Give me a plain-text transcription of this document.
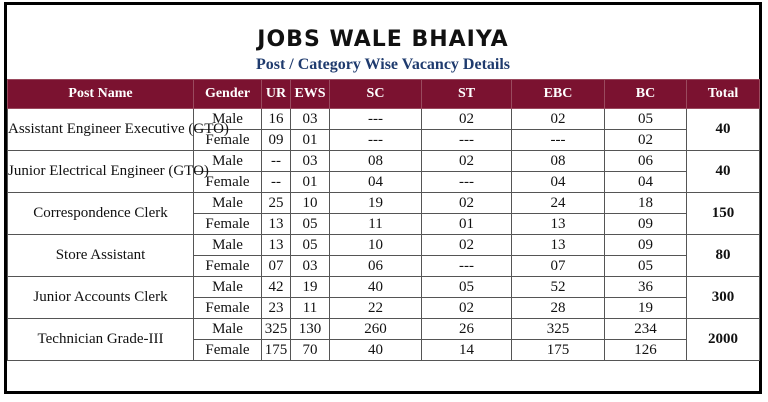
JOBS WALE BHAIYA
Post / Category Wise Vacancy Details
Post Name	Gender	UR	EWS	SC	ST	EBC	BC	Total
Assistant Engineer Executive (GTO)	Male	16	03	---	02	02	05	40
	Female	09	01	---	---	---	02	
Junior Electrical Engineer (GTO)	Male	--	03	08	02	08	06	40
	Female	--	01	04	---	04	04	
Correspondence Clerk	Male	25	10	19	02	24	18	150
	Female	13	05	11	01	13	09	
Store Assistant	Male	13	05	10	02	13	09	80
	Female	07	03	06	---	07	05	
Junior Accounts Clerk	Male	42	19	40	05	52	36	300
	Female	23	11	22	02	28	19	
Technician Grade-III	Male	325	130	260	26	325	234	2000
	Female	175	70	40	14	175	126	
